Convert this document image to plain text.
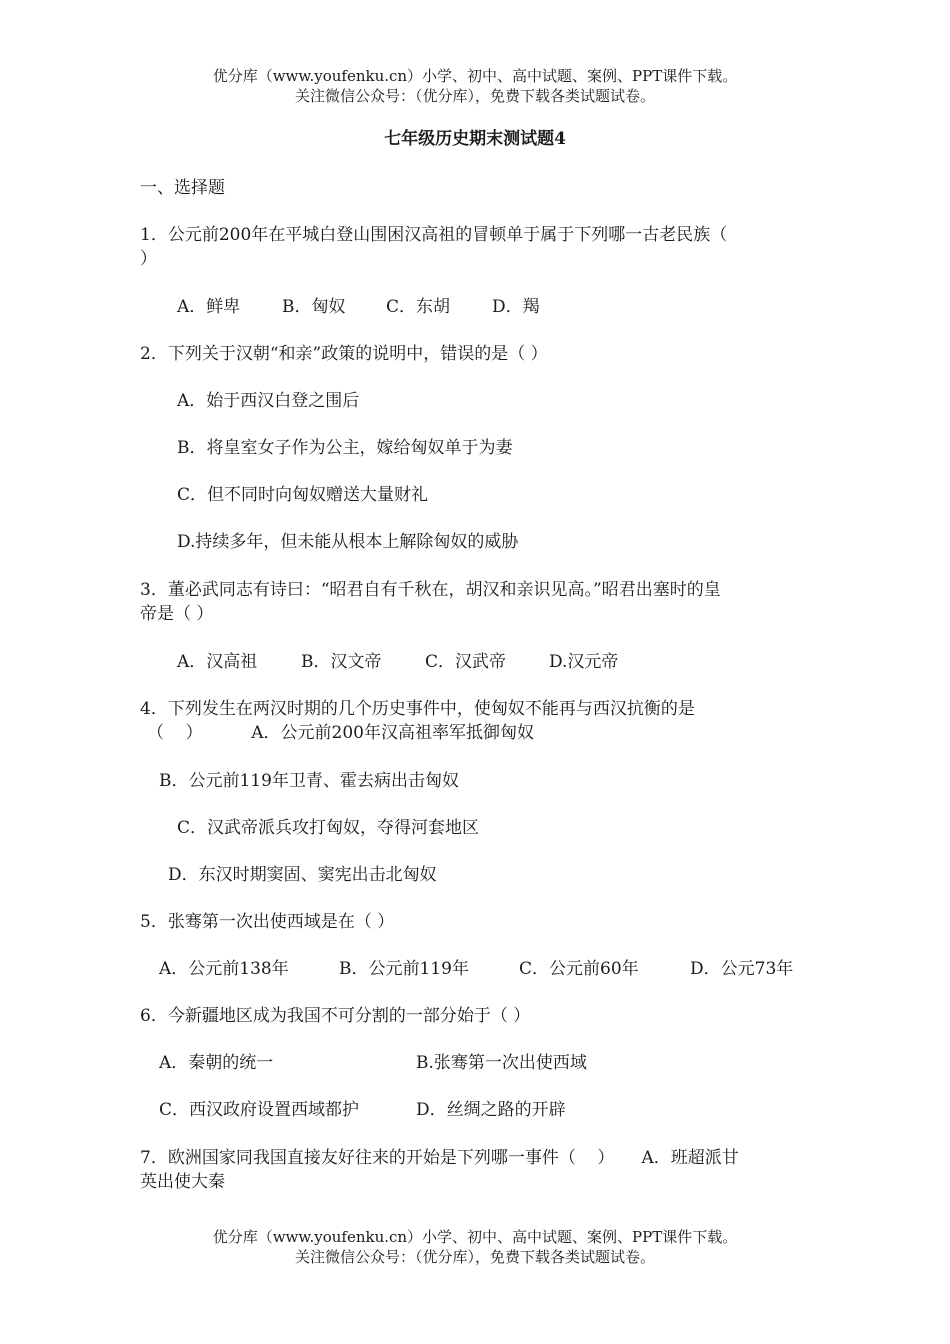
优分库（www.youfenku.cn）小学、初中、高中试题、案例、PPT课件下载。
关注微信公众号：（优分库），免费下载各类试题试卷。
七年级历史期末测试题4
一、选择题
1．公元前200年在平城白登山围困汉高祖的冒顿单于属于下列哪一古老民族（
）
A．鲜卑 B．匈奴 C．东胡 D．羯
2．下列关于汉朝“和亲”政策的说明中，错误的是（ ）
A．始于西汉白登之围后
B．将皇室女子作为公主，嫁给匈奴单于为妻
C．但不同时向匈奴赠送大量财礼
D.持续多年，但未能从根本上解除匈奴的威胁
3．董必武同志有诗曰：“昭君自有千秋在，胡汉和亲识见高。”昭君出塞时的皇
帝是（ ）
A．汉高祖	B．汉文帝	C．汉武帝	D.汉元帝
4．下列发生在两汉时期的几个历史事件中，使匈奴不能再与西汉抗衡的是
（    ）         A．公元前200年汉高祖率军抵御匈奴
B．公元前119年卫青、霍去病出击匈奴
C．汉武帝派兵攻打匈奴，夺得河套地区
D．东汉时期窦固、窦宪出击北匈奴
5．张骞第一次出使西域是在（ ）
A．公元前138年	B．公元前119年	C．公元前60年	D．公元73年
6．今新疆地区成为我国不可分割的一部分始于（ ）
A．秦朝的统一	B.张骞第一次出使西域
C．西汉政府设置西域都护	D．丝绸之路的开辟
7．欧洲国家同我国直接友好往来的开始是下列哪一事件（    ）     A．班超派甘
英出使大秦
优分库（www.youfenku.cn）小学、初中、高中试题、案例、PPT课件下载。
关注微信公众号：（优分库），免费下载各类试题试卷。
